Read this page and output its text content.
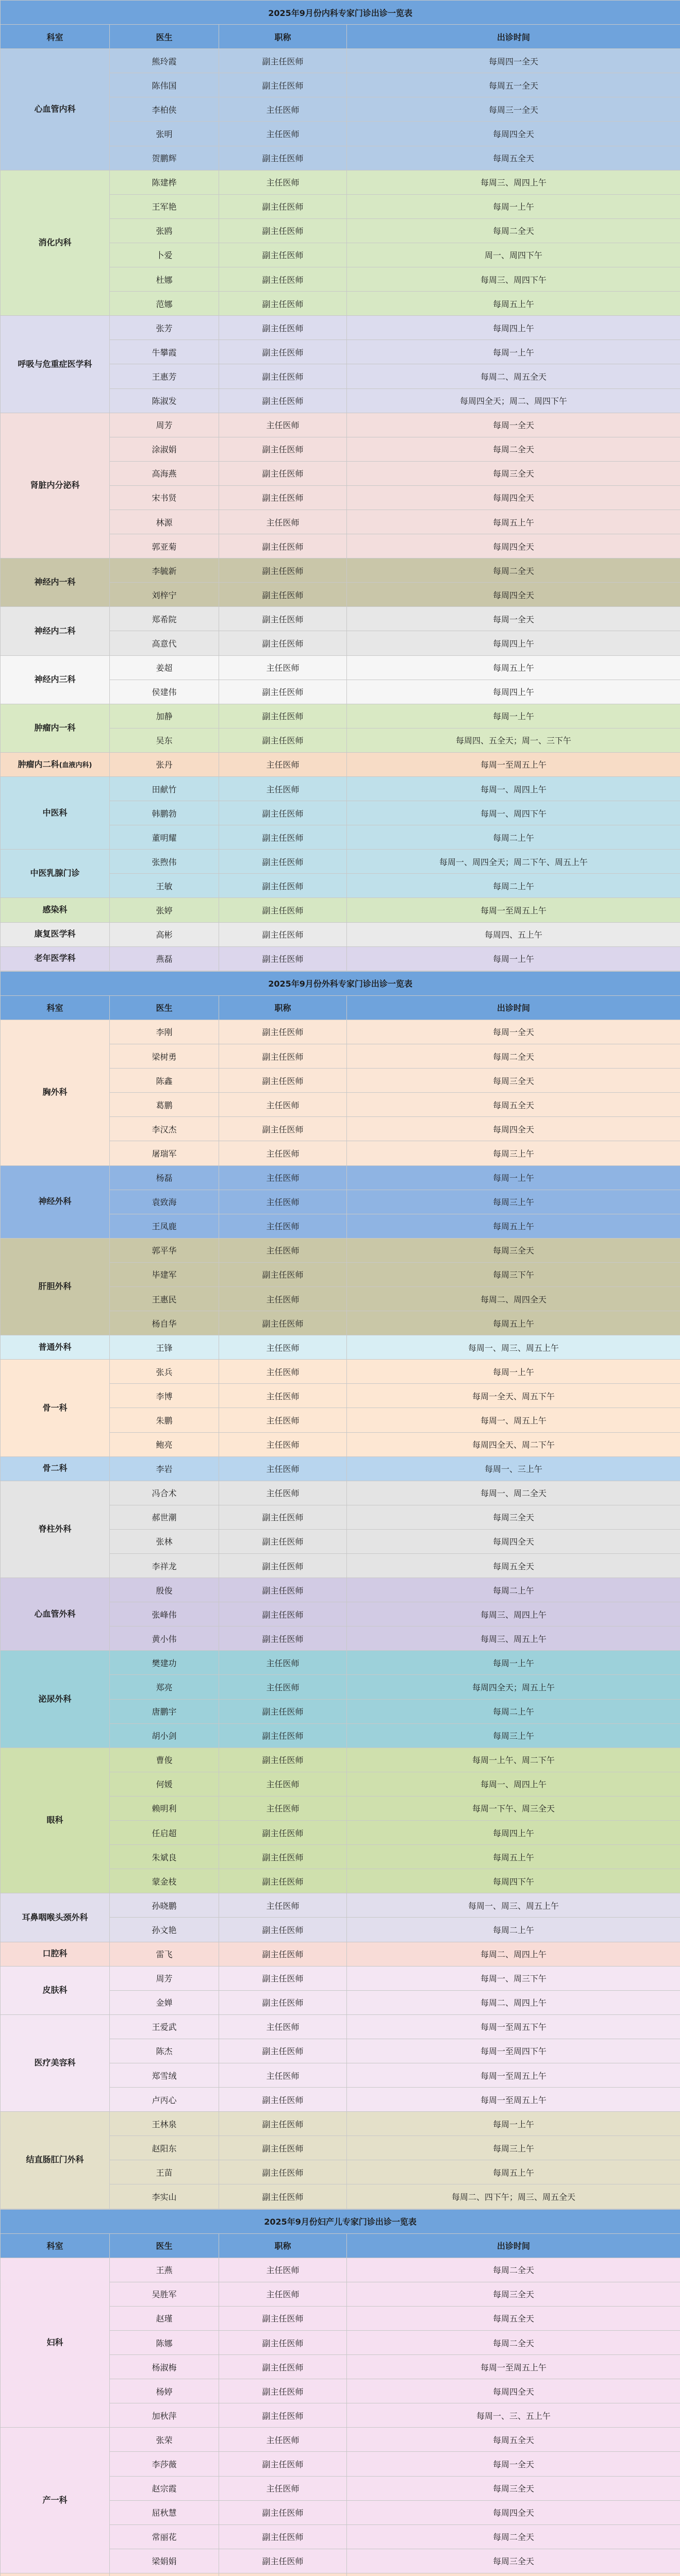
2025年9月份内科专家门诊出诊一览表			
科室	医生	职称	出诊时间
心血管内科	熊玲霞	副主任医师	每周四一全天
	陈伟国	副主任医师	每周五一全天
	李柏侠	主任医师	每周三一全天
	张明	主任医师	每周四全天
	贺鹏辉	副主任医师	每周五全天
消化内科	陈建桦	主任医师	每周三、周四上午
	王军艳	副主任医师	每周一上午
	张鸥	副主任医师	每周二全天
	卜爱	副主任医师	周一、周四下午
	杜娜	副主任医师	每周三、周四下午
	范娜	副主任医师	每周五上午
呼吸与危重症医学科	张芳	副主任医师	每周四上午
	牛攀霞	副主任医师	每周一上午
	王惠芳	副主任医师	每周二、周五全天
	陈淑发	副主任医师	每周四全天；周二、周四下午
肾脏内分泌科	周芳	主任医师	每周一全天
	涂淑娟	副主任医师	每周二全天
	高海燕	副主任医师	每周三全天
	宋书贤	副主任医师	每周四全天
	林源	主任医师	每周五上午
	郭亚菊	副主任医师	每周四全天
神经内一科	李毓新	副主任医师	每周二全天
	刘梓宁	副主任医师	每周四全天
神经内二科	郑希院	副主任医师	每周一全天
	高意代	副主任医师	每周四上午
神经内三科	姜超	主任医师	每周五上午
	侯建伟	副主任医师	每周四上午
肿瘤内一科	加静	副主任医师	每周一上午
	吴东	副主任医师	每周四、五全天；周一、三下午
肿瘤内二科(血液内科)	张丹	主任医师	每周一至周五上午
中医科	田献竹	主任医师	每周一、周四上午
	韩鹏勃	副主任医师	每周一、周四下午
	董明耀	副主任医师	每周二上午
中医乳腺门诊	张煦伟	副主任医师	每周一、周四全天；周二下午、周五上午
	王敏	副主任医师	每周二上午
感染科	张婷	副主任医师	每周一至周五上午
康复医学科	高彬	副主任医师	每周四、五上午
老年医学科	燕磊	副主任医师	每周一上午
2025年9月份外科专家门诊出诊一览表			
科室	医生	职称	出诊时间
胸外科	李刚	副主任医师	每周一全天
	梁树勇	副主任医师	每周二全天
	陈鑫	副主任医师	每周三全天
	葛鹏	主任医师	每周五全天
	李汉杰	副主任医师	每周四全天
	屠瑞军	主任医师	每周三上午
神经外科	杨磊	主任医师	每周一上午
	袁致海	主任医师	每周三上午
	王凤鹿	主任医师	每周五上午
肝胆外科	郭平华	主任医师	每周三全天
	毕建军	副主任医师	每周三下午
	王惠民	主任医师	每周二、周四全天
	杨自华	副主任医师	每周五上午
普通外科	王锋	主任医师	每周一、周三、周五上午
骨一科	张兵	主任医师	每周一上午
	李博	主任医师	每周一全天、周五下午
	朱鹏	主任医师	每周一、周五上午
	鲍亮	主任医师	每周四全天、周二下午
骨二科	李岩	主任医师	每周一、三上午
脊柱外科	冯合术	主任医师	每周一、周二全天
	郝世潮	副主任医师	每周三全天
	张林	副主任医师	每周四全天
	李祥龙	副主任医师	每周五全天
心血管外科	殷俊	副主任医师	每周二上午
	张峰伟	副主任医师	每周三、周四上午
	黄小伟	副主任医师	每周三、周五上午
泌尿外科	樊建功	主任医师	每周一上午
	郑亮	主任医师	每周四全天；周五上午
	唐鹏宇	副主任医师	每周二上午
	胡小剑	副主任医师	每周三上午
眼科	曹俊	副主任医师	每周一上午、周二下午
	何媛	主任医师	每周一、周四上午
	赖明利	主任医师	每周一下午、周三全天
	任启超	副主任医师	每周四上午
	朱斌良	副主任医师	每周五上午
	蒙金枝	副主任医师	每周四下午
耳鼻咽喉头颈外科	孙晓鹏	主任医师	每周一、周三、周五上午
	孙文艳	副主任医师	每周二上午
口腔科	雷飞	副主任医师	每周二、周四上午
皮肤科	周芳	副主任医师	每周一、周三下午
	金婵	副主任医师	每周二、周四上午
医疗美容科	王爱武	主任医师	每周一至周五下午
	陈杰	副主任医师	每周一至周四下午
	郑雪绒	主任医师	每周一至周五上午
	卢丙心	副主任医师	每周一至周五上午
结直肠肛门外科	王林泉	副主任医师	每周一上午
	赵阳东	副主任医师	每周三上午
	王苗	副主任医师	每周五上午
	李实山	副主任医师	每周二、四下午；周三、周五全天
2025年9月份妇产儿专家门诊出诊一览表			
科室	医生	职称	出诊时间
妇科	王燕	主任医师	每周二全天
	吴胜军	主任医师	每周三全天
	赵瑾	副主任医师	每周五全天
	陈娜	副主任医师	每周二全天
	杨淑梅	副主任医师	每周一至周五上午
	杨婷	副主任医师	每周四全天
	加秋萍	副主任医师	每周一、三、五上午
产一科	张荣	主任医师	每周五全天
	李莎薇	副主任医师	每周一全天
	赵宗霞	主任医师	每周三全天
	屈秋慧	副主任医师	每周四全天
	常丽花	副主任医师	每周二全天
	梁娟娟	副主任医师	每周三全天
